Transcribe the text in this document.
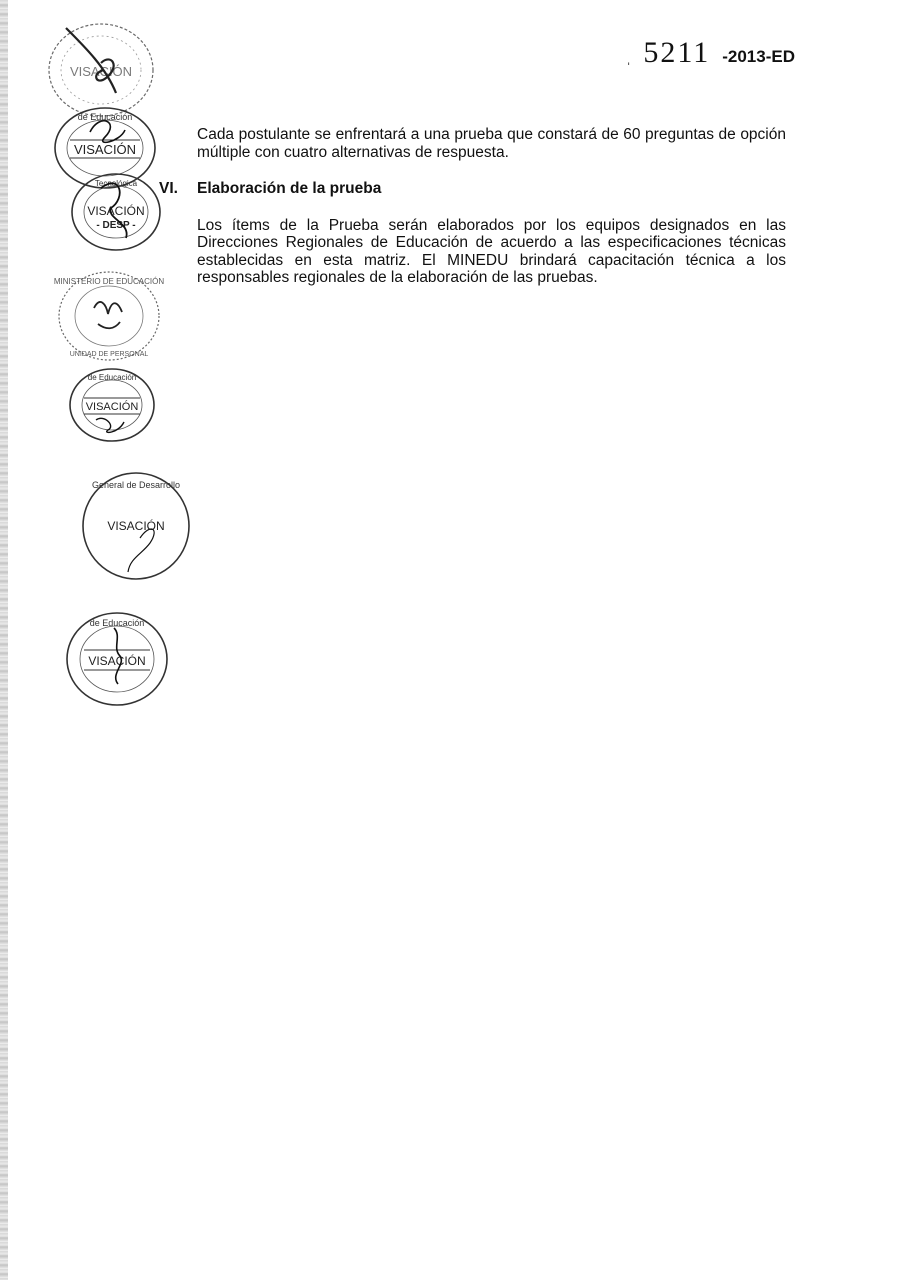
ˌ 5211 -2013-ED

Cada postulante se enfrentará a una prueba que constará de 60 preguntas de opción múltiple con cuatro alternativas de respuesta.

VI. Elaboración de la prueba

Los ítems de la Prueba serán elaborados por los equipos designados en las Direcciones Regionales de Educación de acuerdo a las especificaciones técnicas establecidas en esta matriz. El MINEDU brindará capacitación técnica a los responsables regionales de la elaboración de las pruebas.

VISACIÓN
de Educación
VISACIÓN
Tecnológica
VISACIÓN
- DESP -
MINISTERIO DE EDUCACIÓN
UNIDAD DE PERSONAL
de Educación
VISACIÓN
General de Desarrollo
VISACIÓN
de Educación
VISACIÓN
